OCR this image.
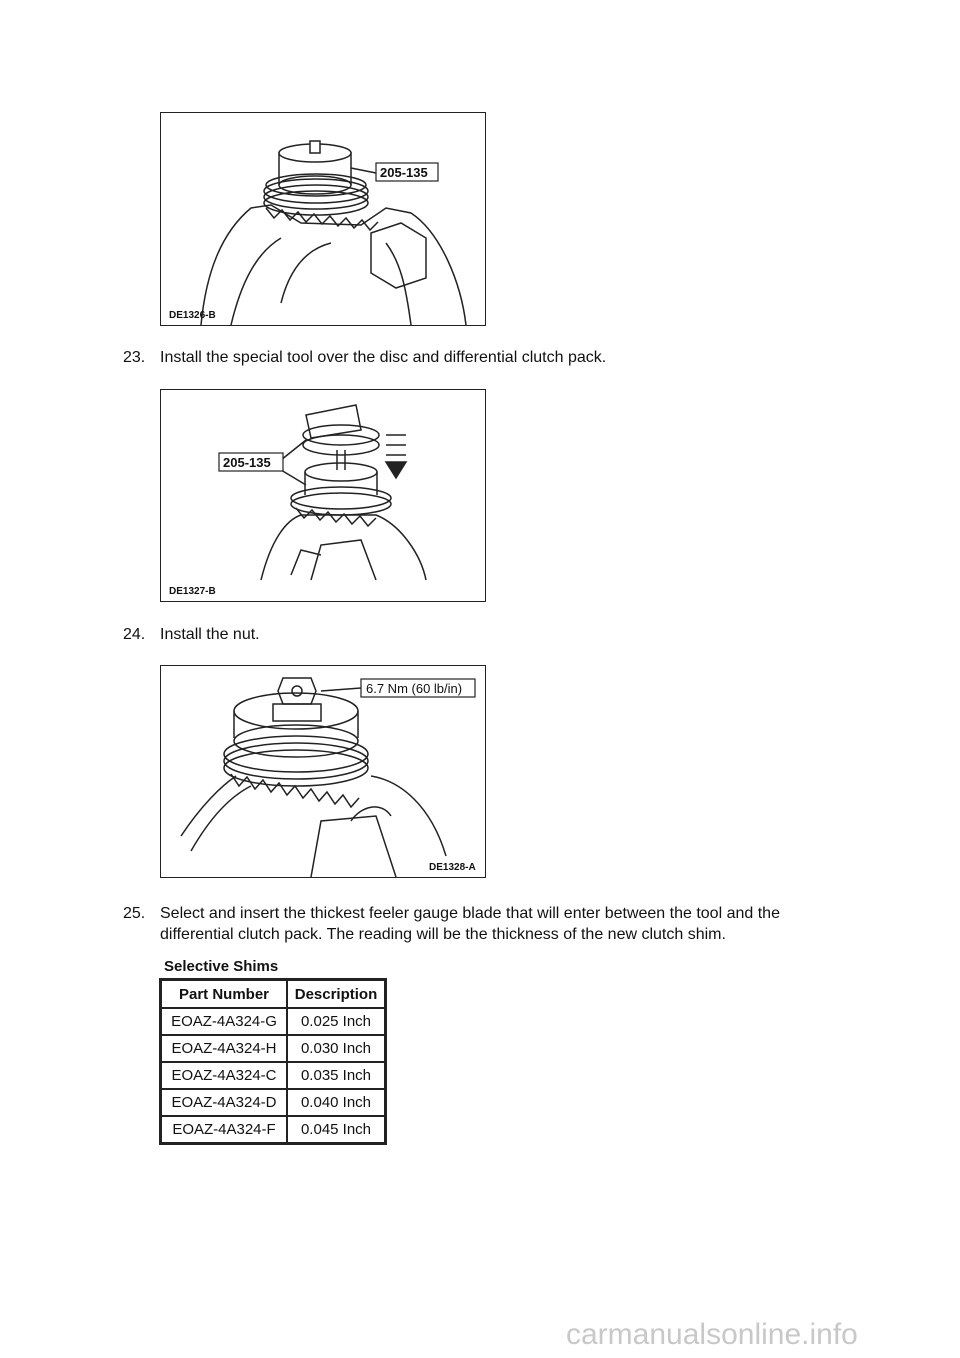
205-135
DE1326-B
23. Install the special tool over the disc and differential clutch pack.
205-135
DE1327-B
24. Install the nut.
6.7 Nm (60 lb/in)
DE1328-A
25. Select and insert the thickest feeler gauge blade that will enter between the tool and the differential clutch pack. The reading will be the thickness of the new clutch shim.
Selective Shims
Part Number	Description
EOAZ-4A324-G	0.025 Inch
EOAZ-4A324-H	0.030 Inch
EOAZ-4A324-C	0.035 Inch
EOAZ-4A324-D	0.040 Inch
EOAZ-4A324-F	0.045 Inch
carmanualsonline.info
